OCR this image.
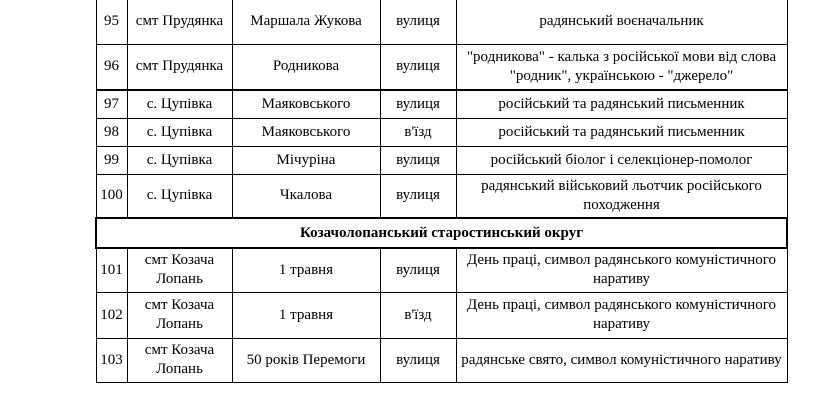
95	смт Прудянка	Маршала Жукова	вулиця	радянський воєначальник
96	смт Прудянка	Родникова	вулиця	"родникова" - калька з російської мови від слова "родник", українською - "джерело"
97	с. Цупівка	Маяковського	вулиця	російський та радянський письменник
98	с. Цупівка	Маяковського	в'їзд	російський та радянський письменник
99	с. Цупівка	Мічуріна	вулиця	російський біолог і селекціонер-помолог
100	с. Цупівка	Чкалова	вулиця	радянський військовий льотчик російського походження
Козачолопанський старостинський округ				
101	смт Козача Лопань	1 травня	вулиця	День праці, символ радянського комуністичного наративу
102	смт Козача Лопань	1 травня	в'їзд	День праці, символ радянського комуністичного наративу
103	смт Козача Лопань	50 років Перемоги	вулиця	радянське свято, символ комуністичного наративу
